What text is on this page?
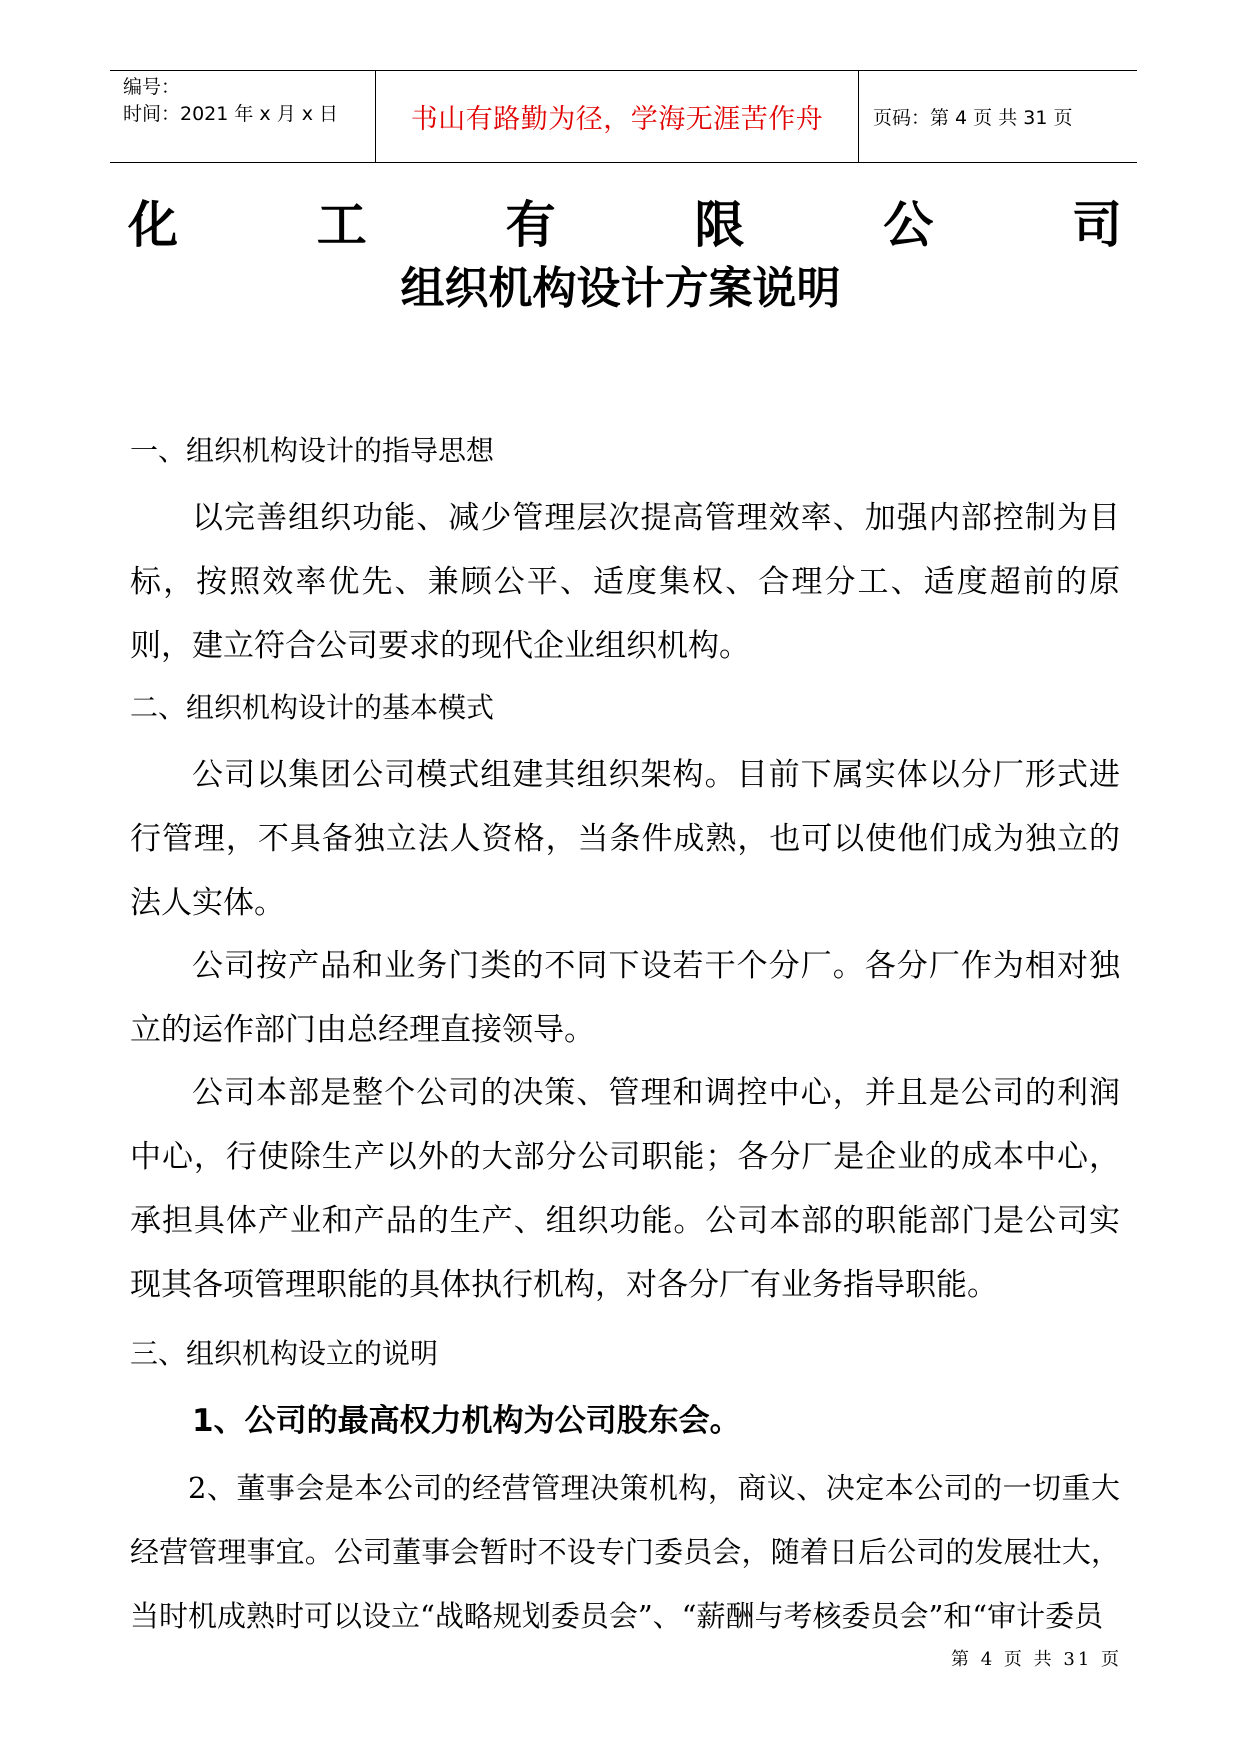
编号：
时间：2021 年 x 月 x 日	书山有路勤为径，学海无涯苦作舟	页码：第 4 页 共 31 页
化	工	有	限	公	司
组织机构设计方案说明
一、组织机构设计的指导思想
以完善组织功能、减少管理层次提高管理效率、加强内部控制为目标，按照效率优先、兼顾公平、适度集权、合理分工、适度超前的原则，建立符合公司要求的现代企业组织机构。
二、组织机构设计的基本模式
公司以集团公司模式组建其组织架构。目前下属实体以分厂形式进行管理，不具备独立法人资格，当条件成熟，也可以使他们成为独立的法人实体。
公司按产品和业务门类的不同下设若干个分厂。各分厂作为相对独立的运作部门由总经理直接领导。
公司本部是整个公司的决策、管理和调控中心，并且是公司的利润中心，行使除生产以外的大部分公司职能；各分厂是企业的成本中心，承担具体产业和产品的生产、组织功能。公司本部的职能部门是公司实现其各项管理职能的具体执行机构，对各分厂有业务指导职能。
三、组织机构设立的说明
1、公司的最高权力机构为公司股东会。
2、董事会是本公司的经营管理决策机构，商议、决定本公司的一切重大经营管理事宜。公司董事会暂时不设专门委员会，随着日后公司的发展壮大，当时机成熟时可以设立“战略规划委员会”、“薪酬与考核委员会”和“审计委员
第 4 页 共 31 页
